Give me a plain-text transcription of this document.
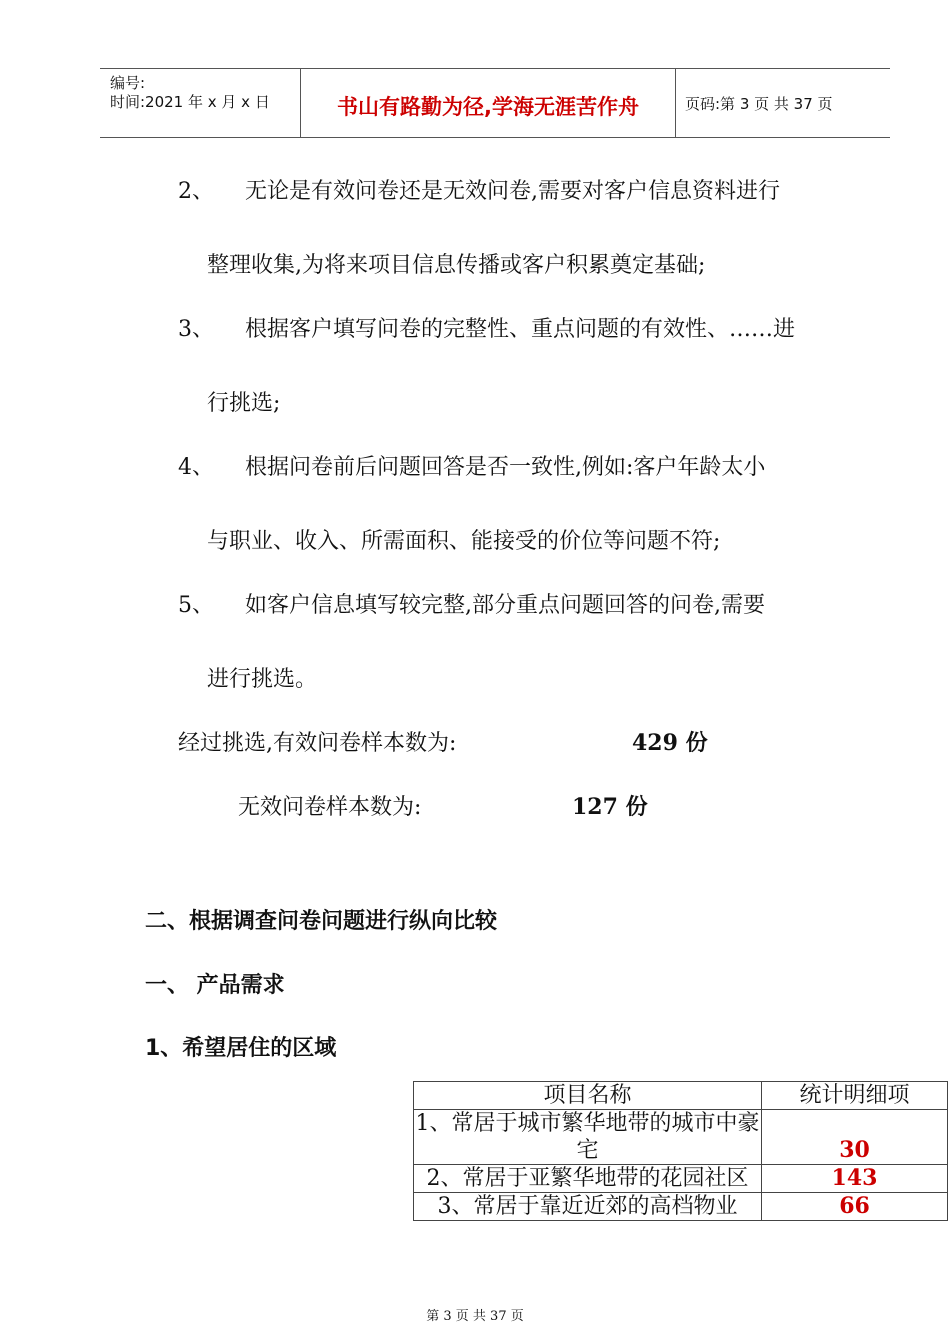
编号:
时间:2021 年 x 月 x 日	书山有路勤为径,学海无涯苦作舟	页码:第 3 页 共 37 页
2、 无论是有效问卷还是无效问卷,需要对客户信息资料进行
整理收集,为将来项目信息传播或客户积累奠定基础;
3、 根据客户填写问卷的完整性、重点问题的有效性、……进
行挑选;
4、 根据问卷前后问题回答是否一致性,例如:客户年龄太小
与职业、收入、所需面积、能接受的价位等问题不符;
5、 如客户信息填写较完整,部分重点问题回答的问卷,需要
进行挑选。
经过挑选,有效问卷样本数为:	429 份
无效问卷样本数为:	127 份
二、根据调查问卷问题进行纵向比较
一、 产品需求
1、希望居住的区域
项目名称	统计明细项
1、常居于城市繁华地带的城市中豪宅	30
2、常居于亚繁华地带的花园社区	143
3、常居于靠近近郊的高档物业	66
第 3 页 共 37 页
